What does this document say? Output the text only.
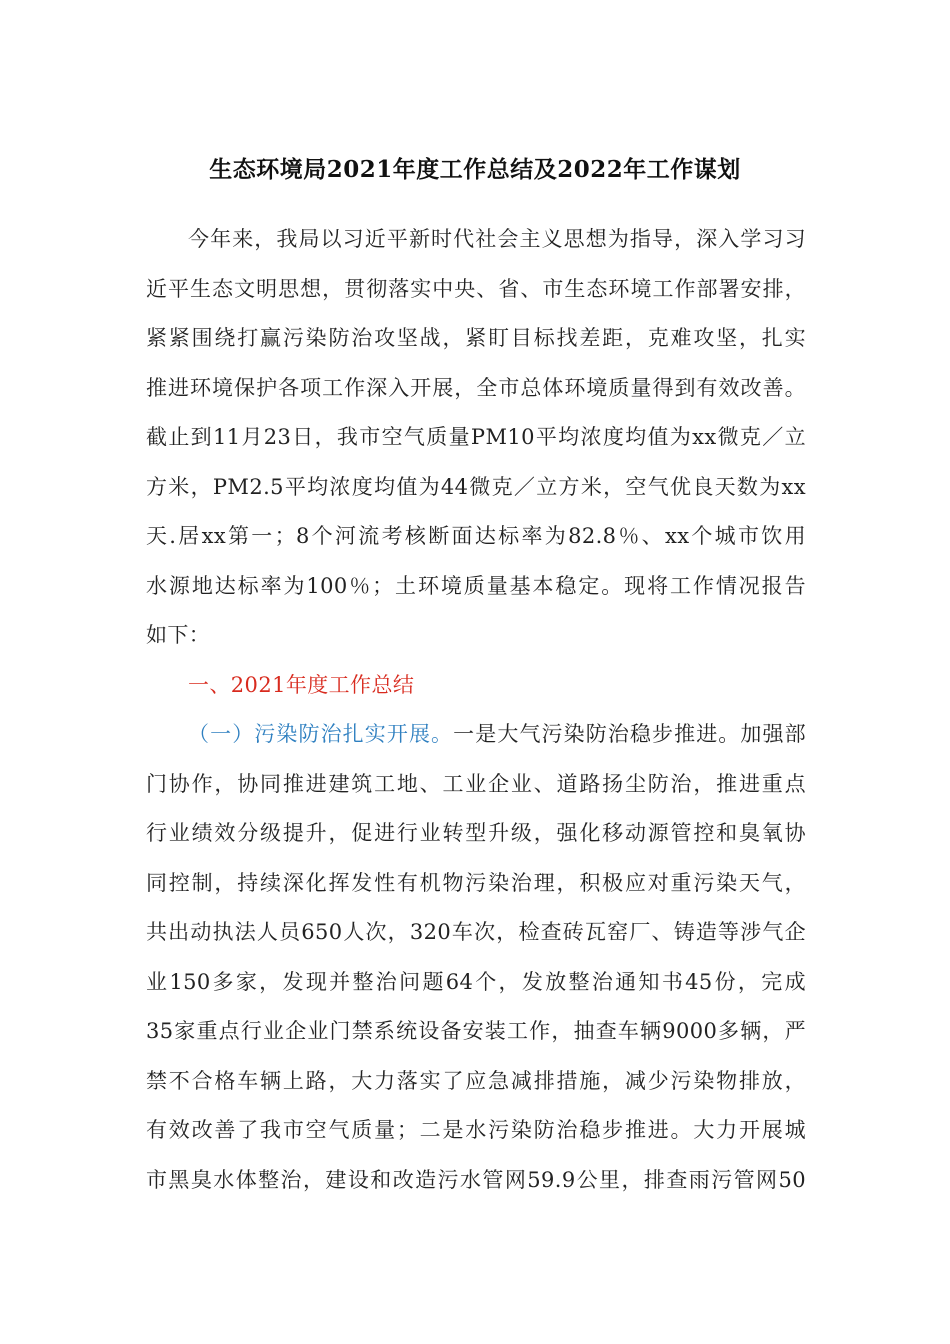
生态环境局2021年度工作总结及2022年工作谋划
今年来，我局以习近平新时代社会主义思想为指导，深入学习习
近平生态文明思想，贯彻落实中央、省、市生态环境工作部署安排，
紧紧围绕打赢污染防治攻坚战，紧盯目标找差距，克难攻坚，扎实
推进环境保护各项工作深入开展，全市总体环境质量得到有效改善。
截止到11月23日，我市空气质量PM10平均浓度均值为xx微克／立
方米，PM2.5平均浓度均值为44微克／立方米，空气优良天数为xx
天.居xx第一；8个河流考核断面达标率为82.8％、xx个城市饮用
水源地达标率为100％；土环境质量基本稳定。现将工作情况报告
如下：
一、2021年度工作总结
（一）污染防治扎实开展。一是大气污染防治稳步推进。加强部
门协作，协同推进建筑工地、工业企业、道路扬尘防治，推进重点
行业绩效分级提升，促进行业转型升级，强化移动源管控和臭氧协
同控制，持续深化挥发性有机物污染治理，积极应对重污染天气，
共出动执法人员650人次，320车次，检查砖瓦窑厂、铸造等涉气企
业150多家，发现并整治问题64个，发放整治通知书45份，完成
35家重点行业企业门禁系统设备安装工作，抽查车辆9000多辆，严
禁不合格车辆上路，大力落实了应急减排措施，减少污染物排放，
有效改善了我市空气质量；二是水污染防治稳步推进。大力开展城
市黑臭水体整治，建设和改造污水管网59.9公里，排查雨污管网50
